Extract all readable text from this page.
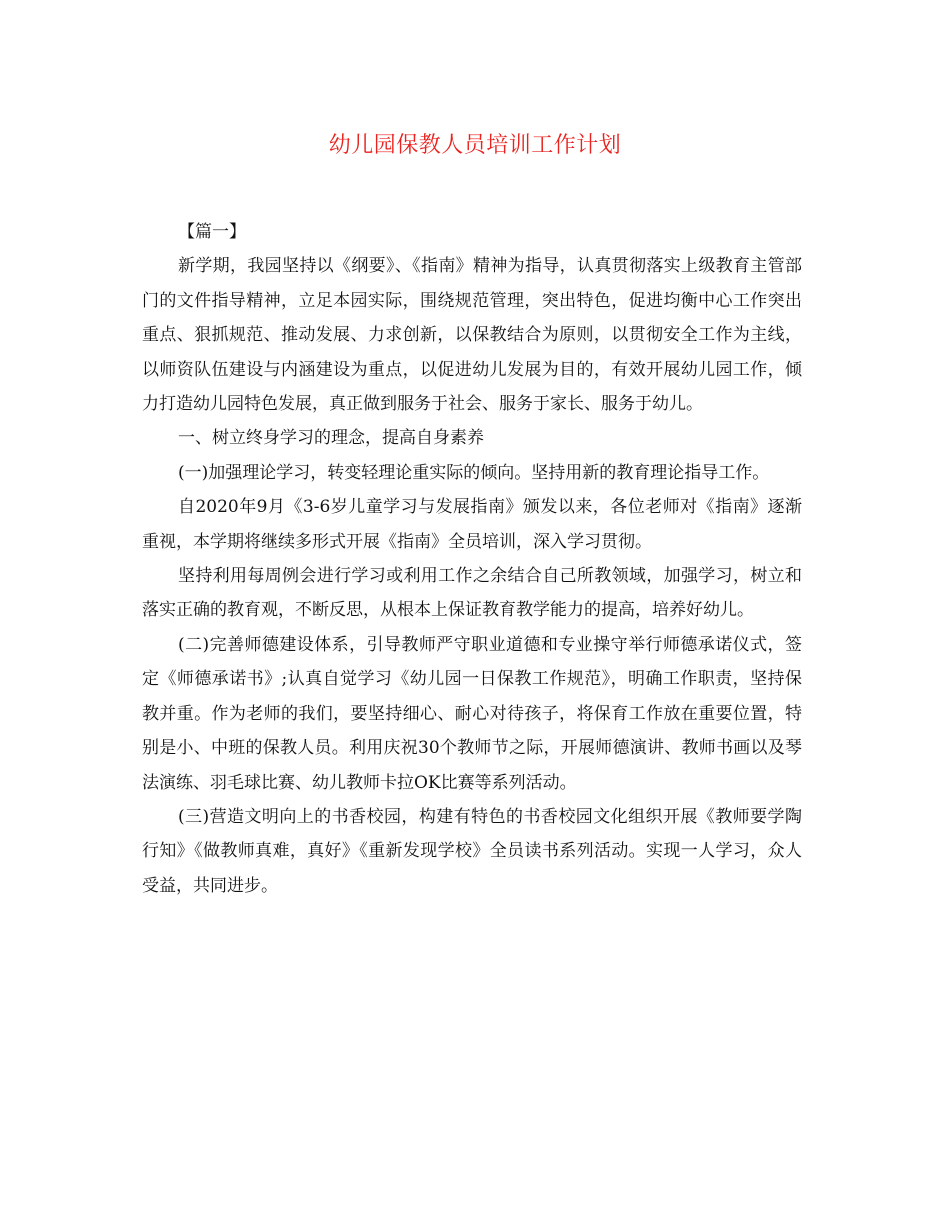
幼儿园保教人员培训工作计划

【篇一】

新学期，我园坚持以《纲要》、《指南》精神为指导，认真贯彻落实上级教育主管部门的文件指导精神，立足本园实际，围绕规范管理，突出特色，促进均衡中心工作突出重点、狠抓规范、推动发展、力求创新，以保教结合为原则，以贯彻安全工作为主线，以师资队伍建设与内涵建设为重点，以促进幼儿发展为目的，有效开展幼儿园工作，倾力打造幼儿园特色发展，真正做到服务于社会、服务于家长、服务于幼儿。

一、树立终身学习的理念，提高自身素养

(一)加强理论学习，转变轻理论重实际的倾向。坚持用新的教育理论指导工作。

自2020年9月《3-6岁儿童学习与发展指南》颁发以来，各位老师对《指南》逐渐重视，本学期将继续多形式开展《指南》全员培训，深入学习贯彻。

坚持利用每周例会进行学习或利用工作之余结合自己所教领域，加强学习，树立和落实正确的教育观，不断反思，从根本上保证教育教学能力的提高，培养好幼儿。

(二)完善师德建设体系，引导教师严守职业道德和专业操守举行师德承诺仪式，签定《师德承诺书》;认真自觉学习《幼儿园一日保教工作规范》，明确工作职责，坚持保教并重。作为老师的我们，要坚持细心、耐心对待孩子，将保育工作放在重要位置，特别是小、中班的保教人员。利用庆祝30个教师节之际，开展师德演讲、教师书画以及琴法演练、羽毛球比赛、幼儿教师卡拉OK比赛等系列活动。

(三)营造文明向上的书香校园，构建有特色的书香校园文化组织开展《教师要学陶行知》《做教师真难，真好》《重新发现学校》全员读书系列活动。实现一人学习，众人受益，共同进步。
